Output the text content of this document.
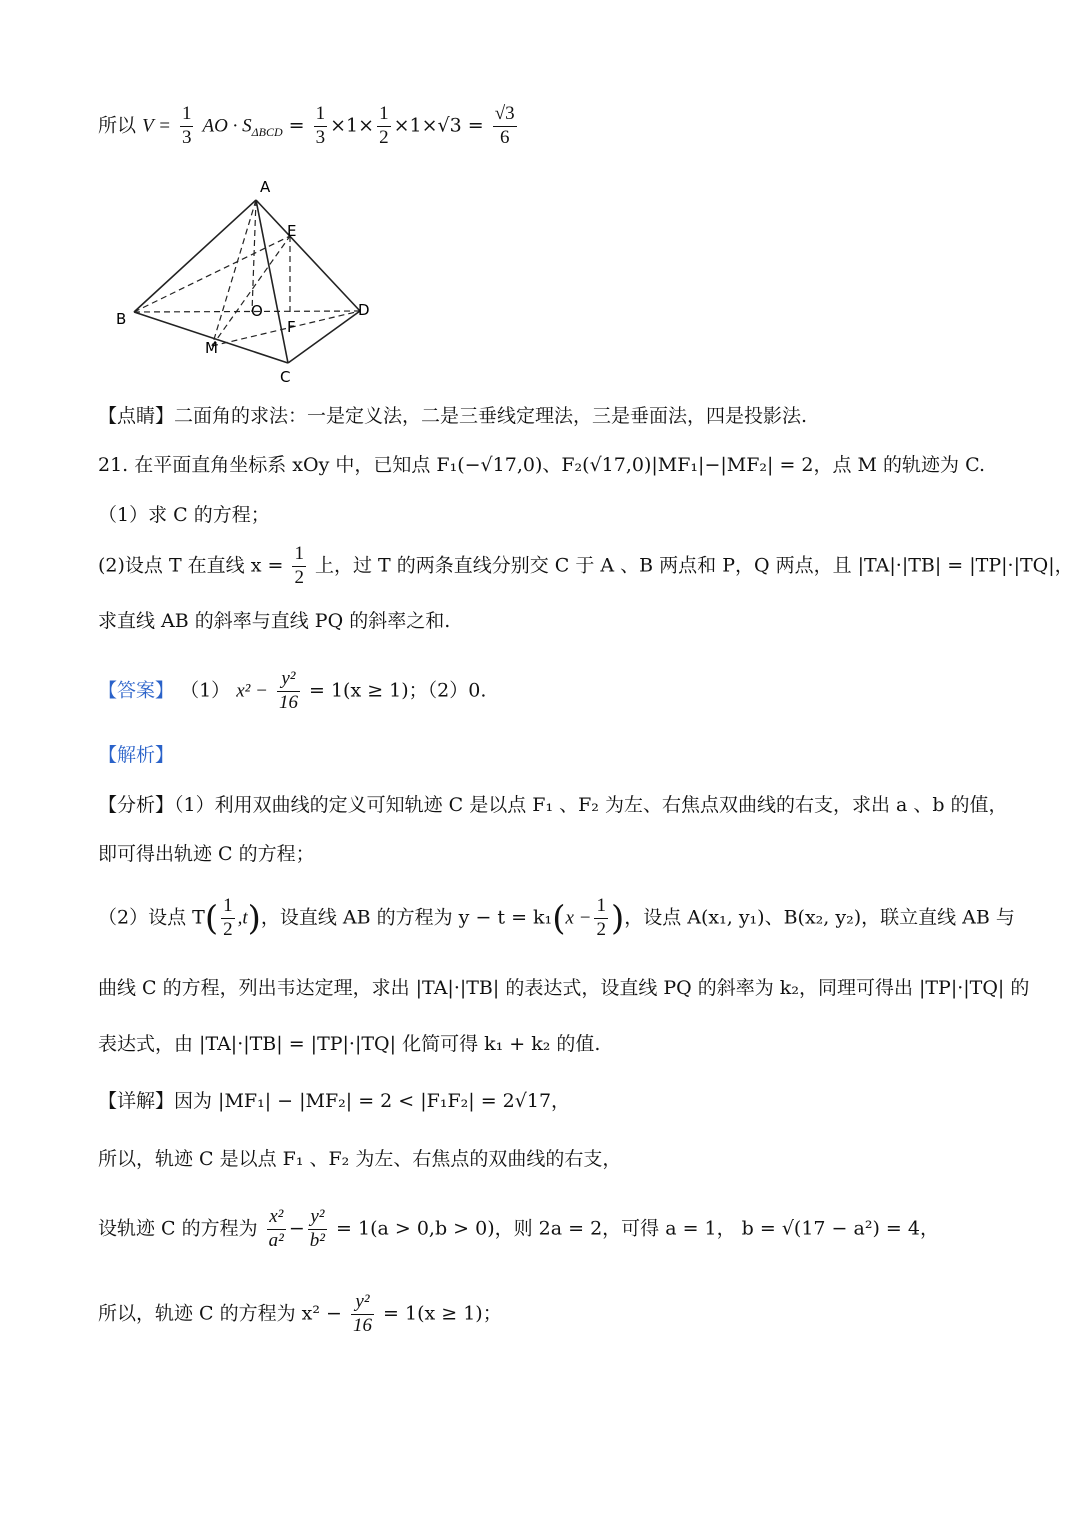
所以 $V = \frac{1}{3}$ AO · $S_{\Delta BCD} = \frac{1}{3} \times 1\times \frac{1}{2} \times 1\times√3 = \frac{√3}{6}$
A
B
C
D
E
F
O
M
【点睛】二面角的求法：一是定义法，二是三垂线定理法，三是垂面法，四是投影法.
21. 在平面直角坐标系 xOy 中，已知点 F₁(−√17,0)、F₂(√17,0)|MF₁|−|MF₂| = 2，点 M 的轨迹为 C.
（1）求 C 的方程；
(2)设点 T 在直线 $x = \frac{1}{2}$ 上，过 T 的两条直线分别交 C 于 A 、B 两点和 P，Q 两点，且 |TA|·|TB| = |TP|·|TQ|，
求直线 AB 的斜率与直线 PQ 的斜率之和.
【答案】 （1） $x^2 - \frac{\text{y²}}{16} = 1(x \ge 1)$；（2）0.
【解析】
【分析】（1）利用双曲线的定义可知轨迹 C 是以点 F₁ 、F₂ 为左、右焦点双曲线的右支，求出 a 、b 的值，
即可得出轨迹 C 的方程；
（2）设点 $T( \frac{1}{2} ,t)$，设直线 AB 的方程为 $y - t = k_1(x - \frac{1}{2}$ )，设点 A(x₁, y₁)、B(x₂, y₂)，联立直线 AB 与
曲线 C 的方程，列出韦达定理，求出 |TA|·|TB| 的表达式，设直线 PQ 的斜率为 k₂，同理可得出 |TP|·|TQ| 的
表达式，由 |TA|·|TB| = |TP|·|TQ| 化简可得 k₁ + k₂ 的值.
【详解】因为 |MF₁| − |MF₂| = 2 < |F₁F₂| = 2√17，
所以，轨迹 C 是以点 F₁ 、F₂ 为左、右焦点的双曲线的右支，
设轨迹 C 的方程为 $\frac{\text{x²}}{\text{a²}} - \frac{\text{y²}}{\text{b²}} = 1(a > 0,b > 0)$，则 2a = 2，可得 a = 1， b = √(17 − a²) = 4，
所以，轨迹 C 的方程为 $x^2 - \frac{\text{y²}}{16} = 1(x \ge 1)$；
